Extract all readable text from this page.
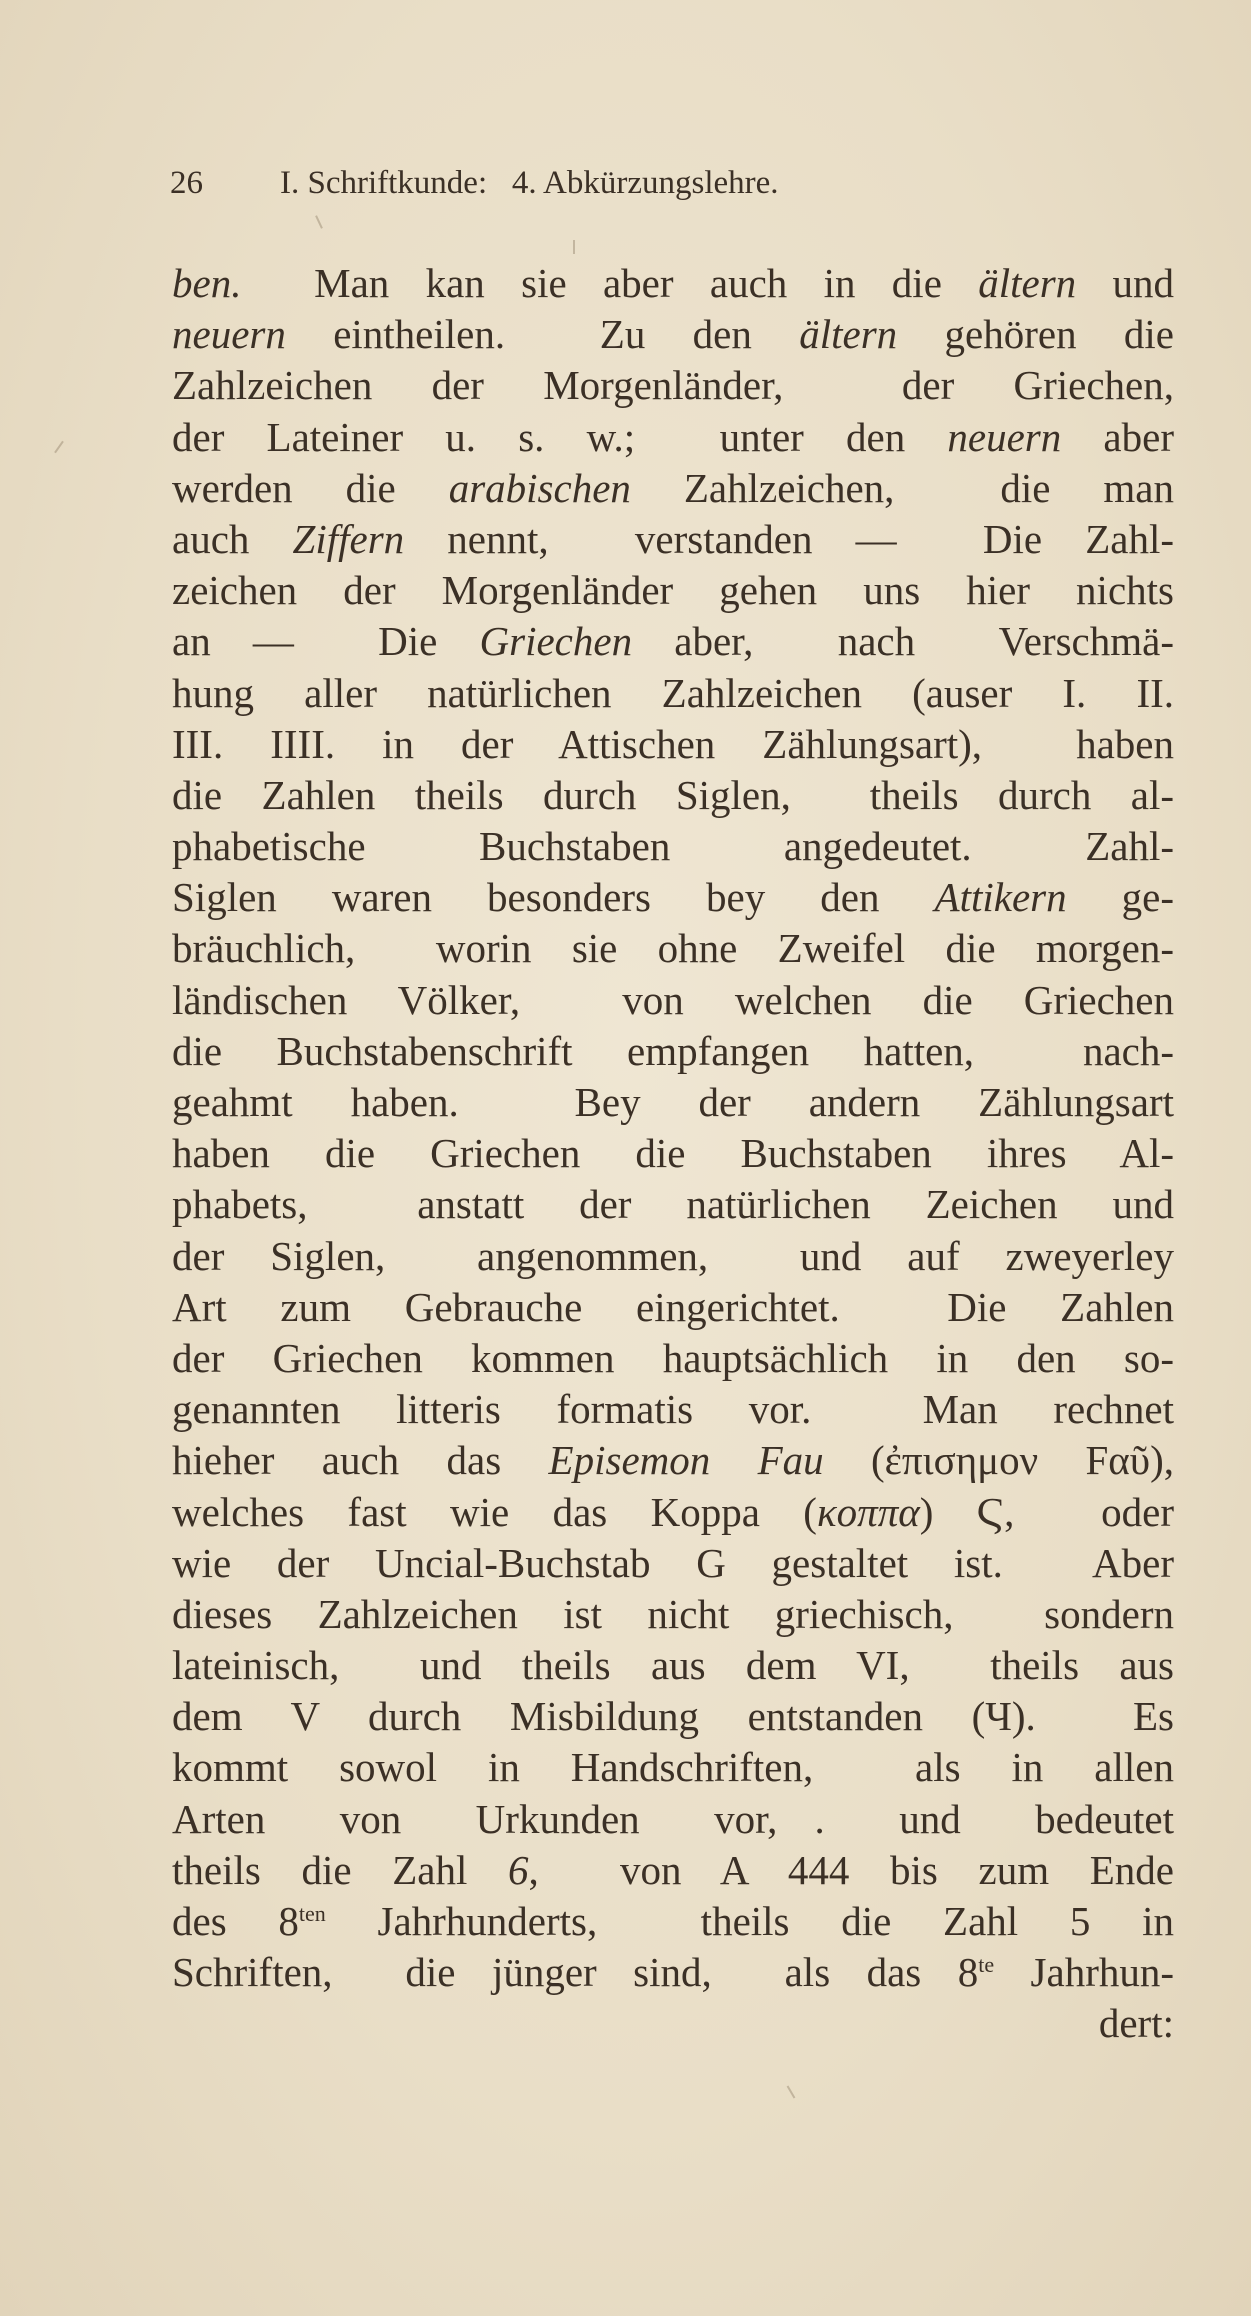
26 I. Schriftkunde:   4. Abkürzungslehre.
ben.  Man kan sie aber auch in die ältern und
neuern eintheilen.  Zu den ältern gehören die
Zahlzeichen der Morgenländer,  der Griechen,
der Lateiner u. s. w.;  unter den neuern aber
werden die arabischen Zahlzeichen,  die man
auch Ziffern nennt,  verstanden —  Die Zahl-
zeichen der Morgenländer gehen uns hier nichts
an —  Die Griechen aber,  nach  Verschmä-
hung aller natürlichen Zahlzeichen (auser I. II.
III. IIII. in der Attischen Zählungsart),  haben
die Zahlen theils durch Siglen,  theils durch al-
phabetische  Buchstaben  angedeutet.  Zahl-
Siglen waren besonders bey den Attikern ge-
bräuchlich,  worin sie ohne Zweifel die morgen-
ländischen Völker,  von welchen die Griechen
die Buchstabenschrift empfangen hatten,  nach-
geahmt haben.  Bey der andern Zählungsart
haben die Griechen die Buchstaben ihres Al-
phabets,  anstatt der natürlichen Zeichen und
der Siglen,  angenommen,  und auf zweyerley
Art zum Gebrauche eingerichtet.  Die Zahlen
der Griechen kommen hauptsächlich in den so-
genannten litteris formatis vor.  Man rechnet
hieher auch das Episemon Fau (ἐπισημον Fαῦ),
welches fast wie das Koppa (κοππα) Ϛ,  oder
wie der Uncial-Buchstab G gestaltet ist.  Aber
dieses Zahlzeichen ist nicht griechisch,  sondern
lateinisch,  und theils aus dem VI,  theils aus
dem V durch Misbildung entstanden (Ч).  Es
kommt sowol in Handschriften,  als in allen
Arten  von  Urkunden  vor, .  und  bedeutet
theils die Zahl 6,  von A 444 bis zum Ende
des $8^{ten}$ Jahrhunderts,  theils die Zahl 5 in
Schriften,  die jünger sind,  als das $8^{te}$ Jahrhun-
dert:
